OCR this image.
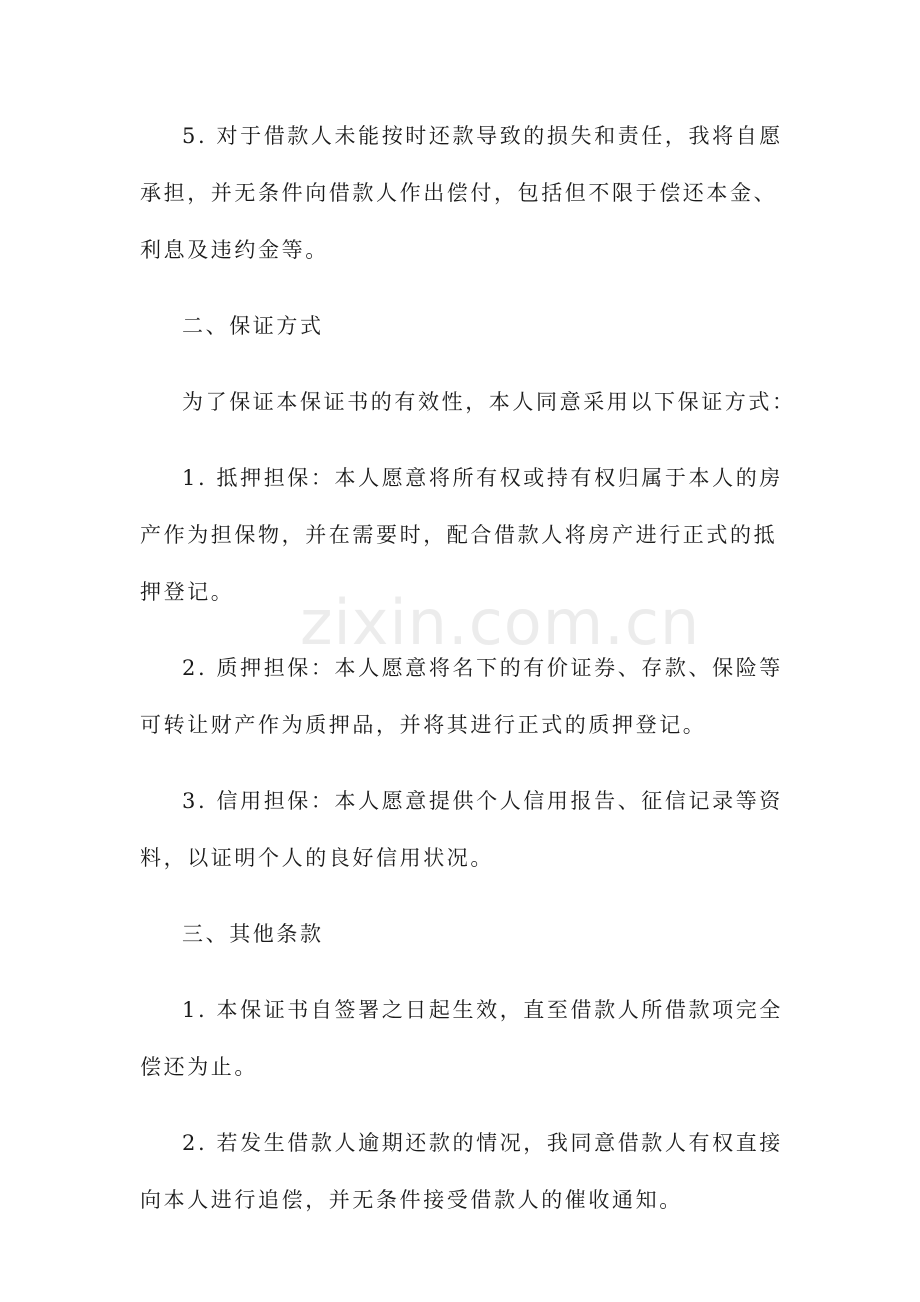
5. 对于借款人未能按时还款导致的损失和责任，我将自愿承担，并无条件向借款人作出偿付，包括但不限于偿还本金、利息及违约金等。

二、保证方式

为了保证本保证书的有效性，本人同意采用以下保证方式：

1. 抵押担保：本人愿意将所有权或持有权归属于本人的房产作为担保物，并在需要时，配合借款人将房产进行正式的抵押登记。

2. 质押担保：本人愿意将名下的有价证券、存款、保险等可转让财产作为质押品，并将其进行正式的质押登记。

3. 信用担保：本人愿意提供个人信用报告、征信记录等资料，以证明个人的良好信用状况。

三、其他条款

1. 本保证书自签署之日起生效，直至借款人所借款项完全偿还为止。

2. 若发生借款人逾期还款的情况，我同意借款人有权直接向本人进行追偿，并无条件接受借款人的催收通知。

zixin.com.cn
